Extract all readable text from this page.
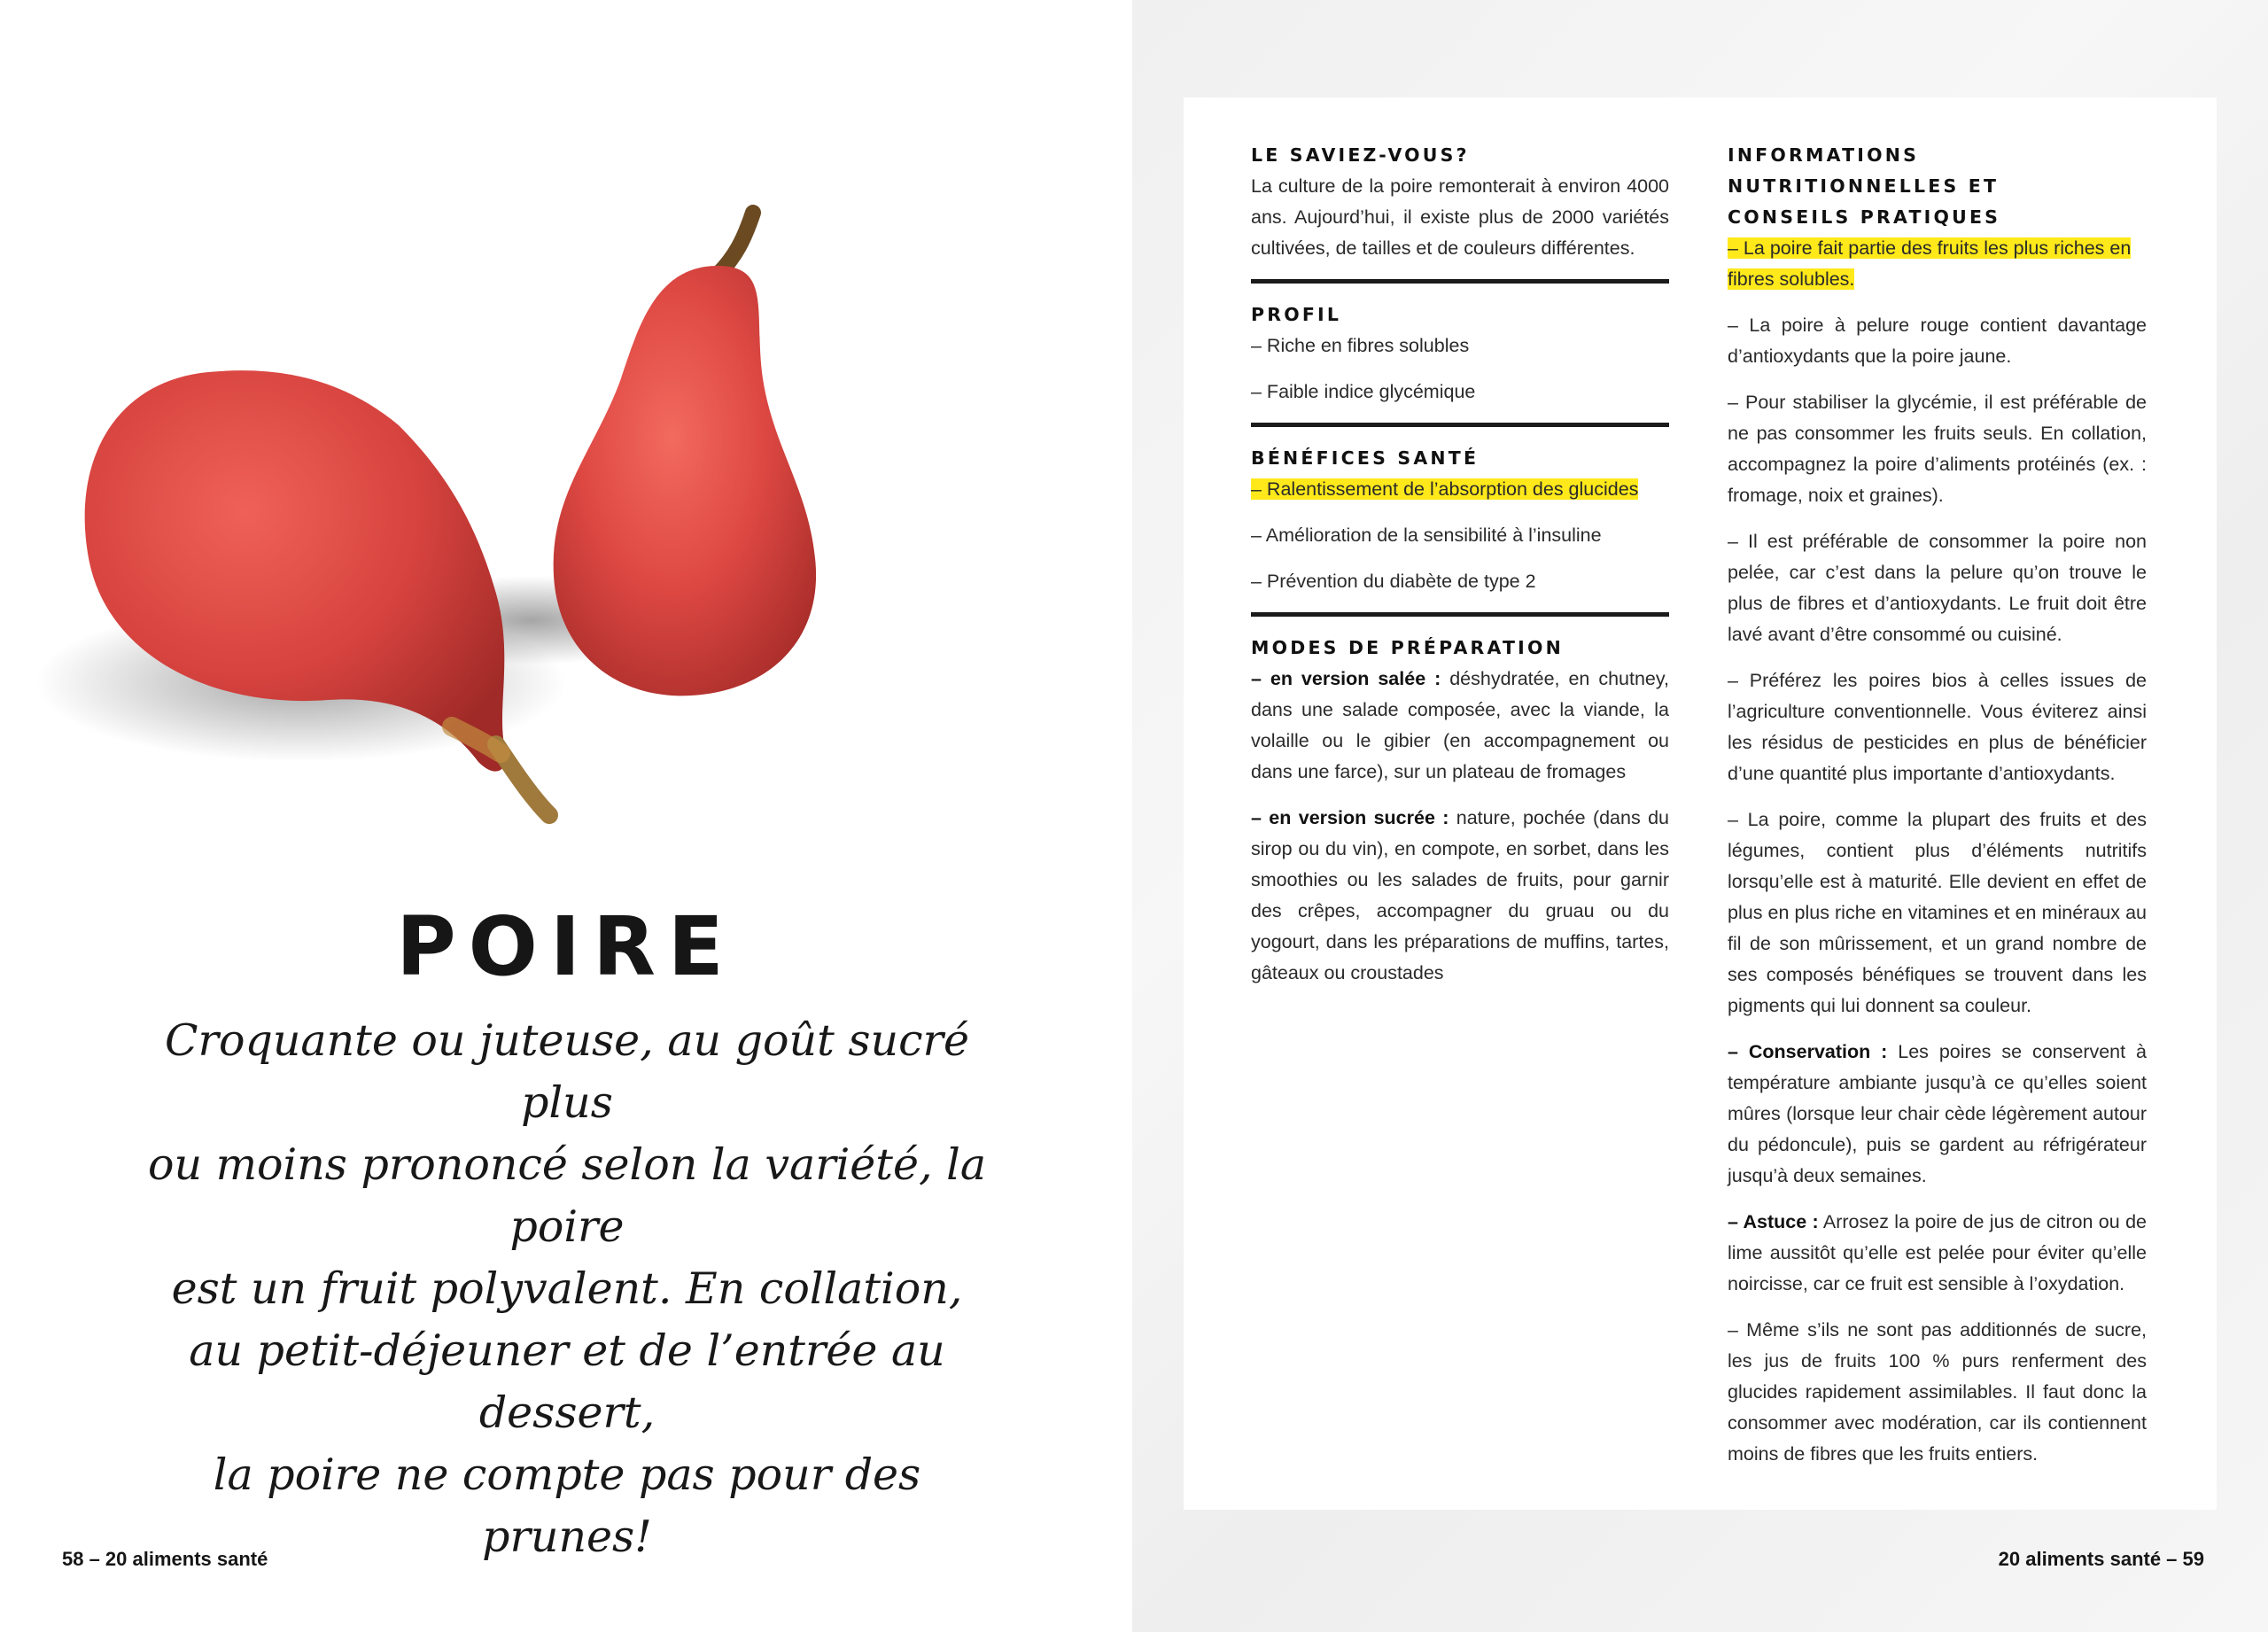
POIRE
Croquante ou juteuse, au goût sucré plus
ou moins prononcé selon la variété, la poire
est un fruit polyvalent. En collation,
au petit-déjeuner et de l’entrée au dessert,
la poire ne compte pas pour des prunes!
58 – 20 aliments santé

LE SAVIEZ-VOUS?

La culture de la poire remonterait à environ 4000 ans. Aujourd’hui, il existe plus de 2000 variétés cultivées, de tailles et de couleurs différentes.

PROFIL

– Riche en fibres solubles

– Faible indice glycémique

BÉNÉFICES SANTÉ

– Ralentissement de l’absorption des glucides

– Amélioration de la sensibilité à l’insuline

– Prévention du diabète de type 2

MODES DE PRÉPARATION

– en version salée : déshydratée, en chutney, dans une salade composée, avec la viande, la volaille ou le gibier (en accompagnement ou dans une farce), sur un plateau de fromages

– en version sucrée : nature, pochée (dans du sirop ou du vin), en compote, en sorbet, dans les smoothies ou les salades de fruits, pour garnir des crêpes, accompagner du gruau ou du yogourt, dans les préparations de muffins, tartes, gâteaux ou croustades

INFORMATIONS

NUTRITIONNELLES ET

CONSEILS PRATIQUES

– La poire fait partie des fruits les plus riches en fibres solubles.

– La poire à pelure rouge contient davantage d’antioxydants que la poire jaune.

– Pour stabiliser la glycémie, il est préférable de ne pas consommer les fruits seuls. En collation, accompagnez la poire d’aliments protéinés (ex. : fromage, noix et graines).

– Il est préférable de consommer la poire non pelée, car c’est dans la pelure qu’on trouve le plus de fibres et d’antioxydants. Le fruit doit être lavé avant d’être consommé ou cuisiné.

– Préférez les poires bios à celles issues de l’agriculture conventionnelle. Vous éviterez ainsi les résidus de pesticides en plus de bénéficier d’une quantité plus importante d’antioxydants.

– La poire, comme la plupart des fruits et des légumes, contient plus d’éléments nutritifs lorsqu’elle est à maturité. Elle devient en effet de plus en plus riche en vitamines et en minéraux au fil de son mûrissement, et un grand nombre de ses composés bénéfiques se trouvent dans les pigments qui lui donnent sa couleur.

– Conservation : Les poires se conservent à température ambiante jusqu’à ce qu’elles soient mûres (lorsque leur chair cède légèrement autour du pédoncule), puis se gardent au réfrigérateur jusqu’à deux semaines.

– Astuce : Arrosez la poire de jus de citron ou de lime aussitôt qu’elle est pelée pour éviter qu’elle noircisse, car ce fruit est sensible à l’oxydation.

– Même s’ils ne sont pas additionnés de sucre, les jus de fruits 100 % purs renferment des glucides rapidement assimilables. Il faut donc la consommer avec modération, car ils contiennent moins de fibres que les fruits entiers.

20 aliments santé – 59
